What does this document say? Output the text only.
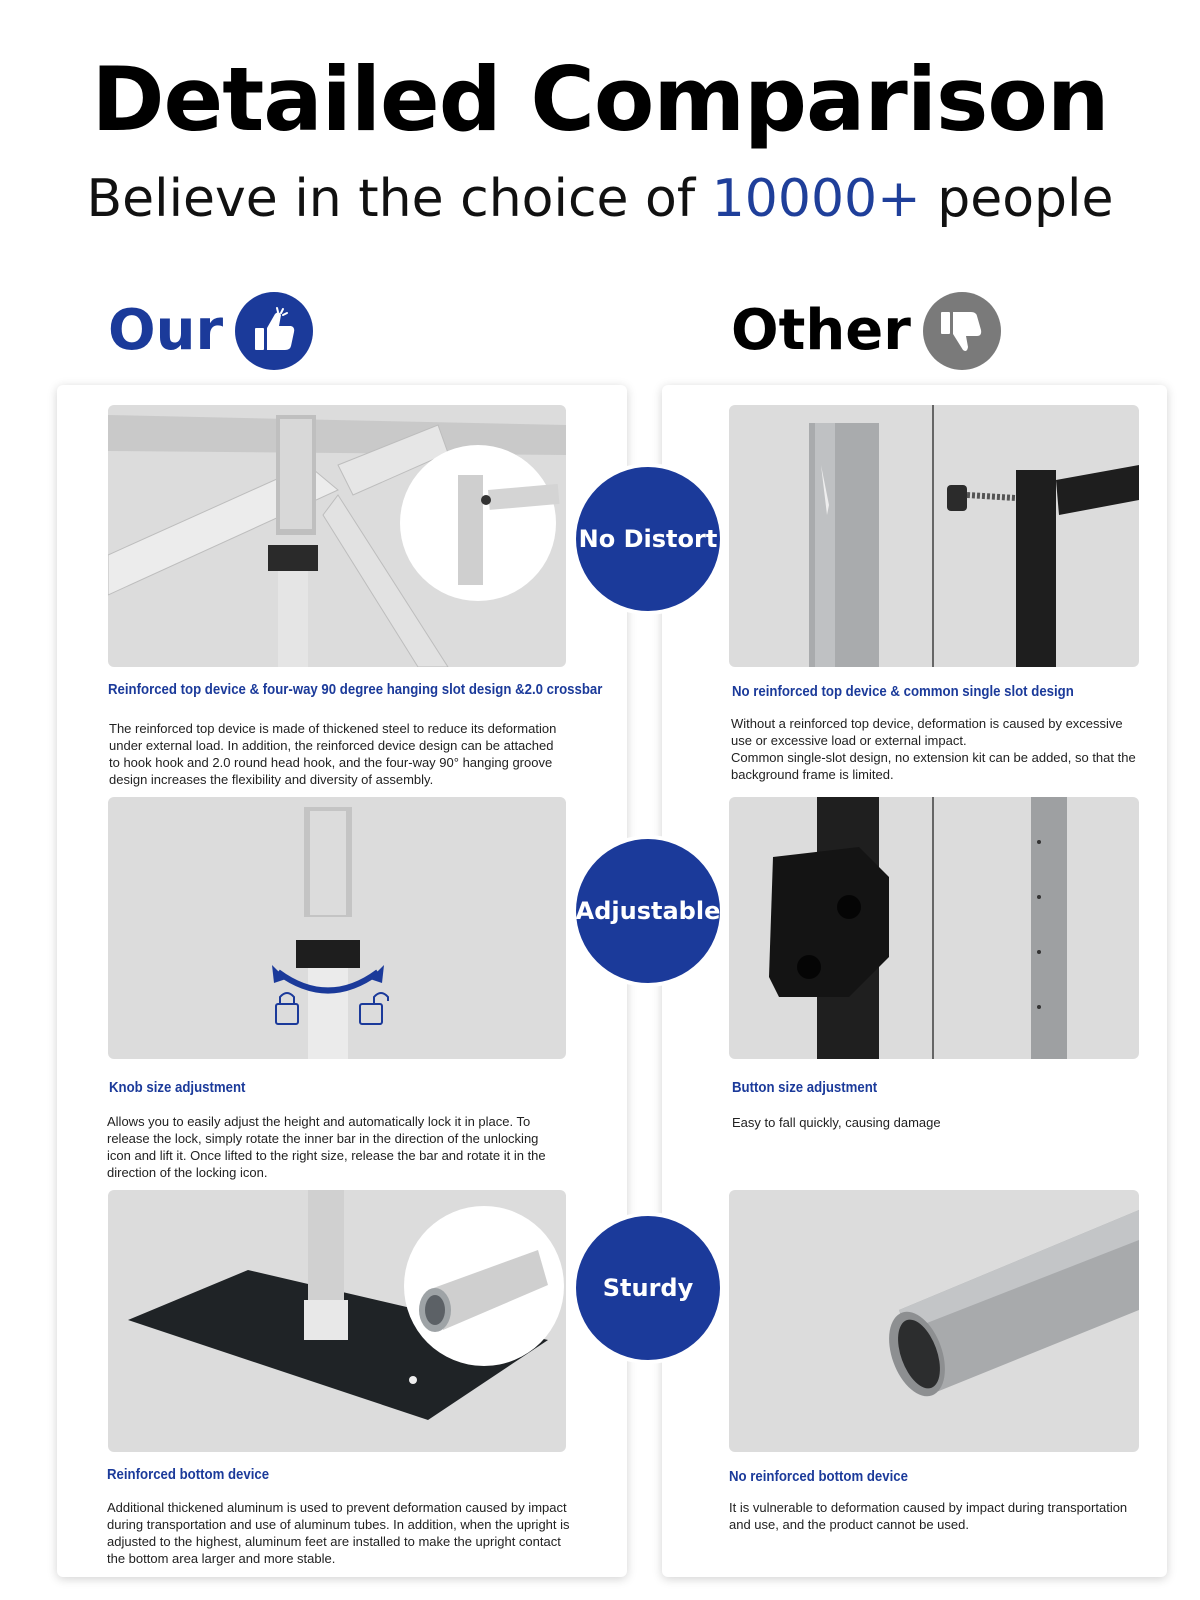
Detailed Comparison
Believe in the choice of 10000+ people
Our	Other
Reinforced top device & four-way 90 degree hanging slot design &2.0 crossbar
The reinforced top device is made of thickened steel to reduce its deformation under external load. In addition, the reinforced device design can be attached to hook hook and 2.0 round head hook, and the four-way 90° hanging groove design increases the flexibility and diversity of assembly.
Knob size adjustment
Allows you to easily adjust the height and automatically lock it in place. To release the lock, simply rotate the inner bar in the direction of the unlocking icon and lift it. Once lifted to the right size, release the bar and rotate it in the direction of the locking icon.
Reinforced bottom device
Additional thickened aluminum is used to prevent deformation caused by impact during transportation and use of aluminum tubes. In addition, when the upright is adjusted to the highest, aluminum feet are installed to make the upright contact the bottom area larger and more stable.
No reinforced top device & common single slot design
Without a reinforced top device, deformation is caused by excessive use or excessive load or external impact.
Common single-slot design, no extension kit can be added, so that the background frame is limited.
Button size adjustment
Easy to fall quickly, causing damage
No reinforced bottom device
It is vulnerable to deformation caused by impact during transportation and use, and the product cannot be used.
No Distort
Adjustable
Sturdy
